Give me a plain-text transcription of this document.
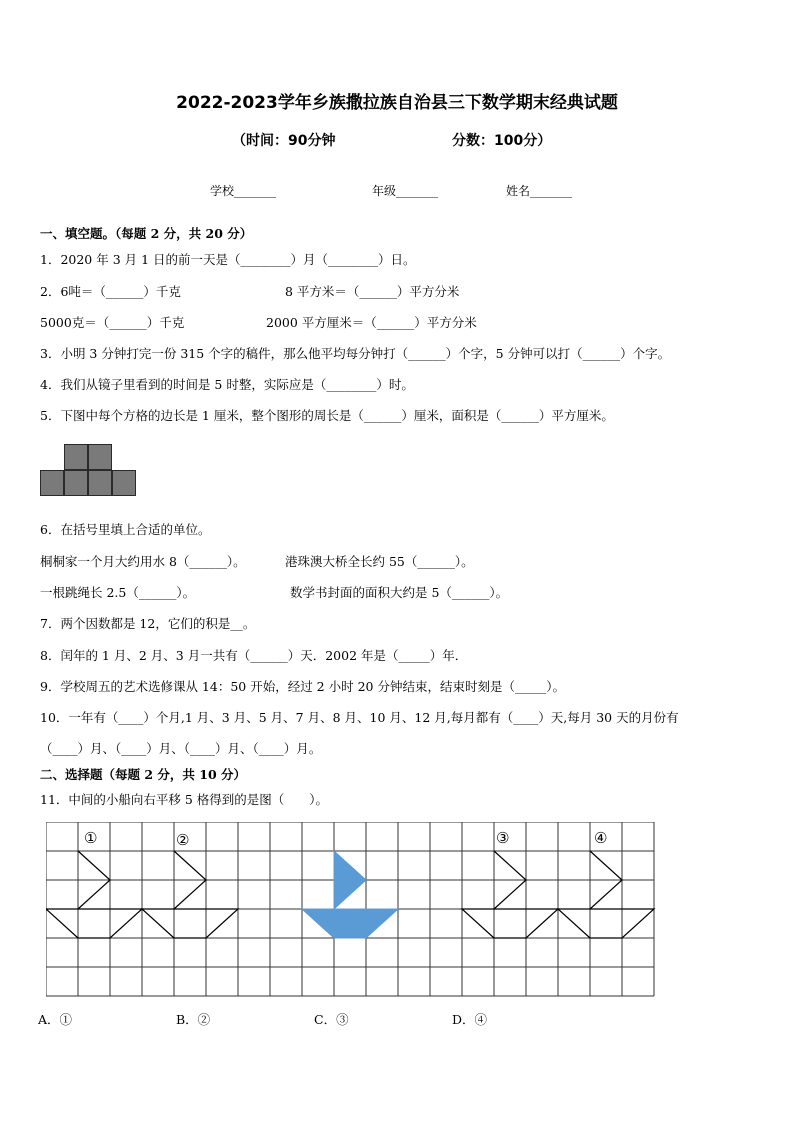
2022-2023学年乡族撒拉族自治县三下数学期末经典试题
（时间：90分钟	分数：100分）
学校_______	年级_______	姓名_______
一、填空题。（每题 2 分，共 20 分）
1．2020 年 3 月 1 日的前一天是（________）月（________）日。
2．6吨＝（______）千克	8 平方米＝（______）平方分米
5000克＝（______）千克	2000 平方厘米＝（______）平方分米
3．小明 3 分钟打完一份 315 个字的稿件，那么他平均每分钟打（______）个字，5 分钟可以打（______）个字。
4．我们从镜子里看到的时间是 5 时整，实际应是（________）时。
5．下图中每个方格的边长是 1 厘米，整个图形的周长是（______）厘米，面积是（______）平方厘米。
6．在括号里填上合适的单位。
桐桐家一个月大约用水 8（______）。	港珠澳大桥全长约 55（______）。
一根跳绳长 2.5（______）。	数学书封面的面积大约是 5（______）。
7．两个因数都是 12，它们的积是__。
8．闰年的 1 月、2 月、3 月一共有（______）天．2002 年是（_____）年．
9．学校周五的艺术选修课从 14：50 开始，经过 2 小时 20 分钟结束，结束时刻是（_____）。
10．一年有（____）个月,1 月、3 月、5 月、7 月、8 月、10 月、12 月,每月都有（____）天,每月 30 天的月份有
（____）月、（____）月、（____）月、（____）月。
二、选择题（每题 2 分，共 10 分）
11．中间的小船向右平移 5 格得到的是图（　　）。
①	②	③	④
A．①	B．②	C．③	D．④
